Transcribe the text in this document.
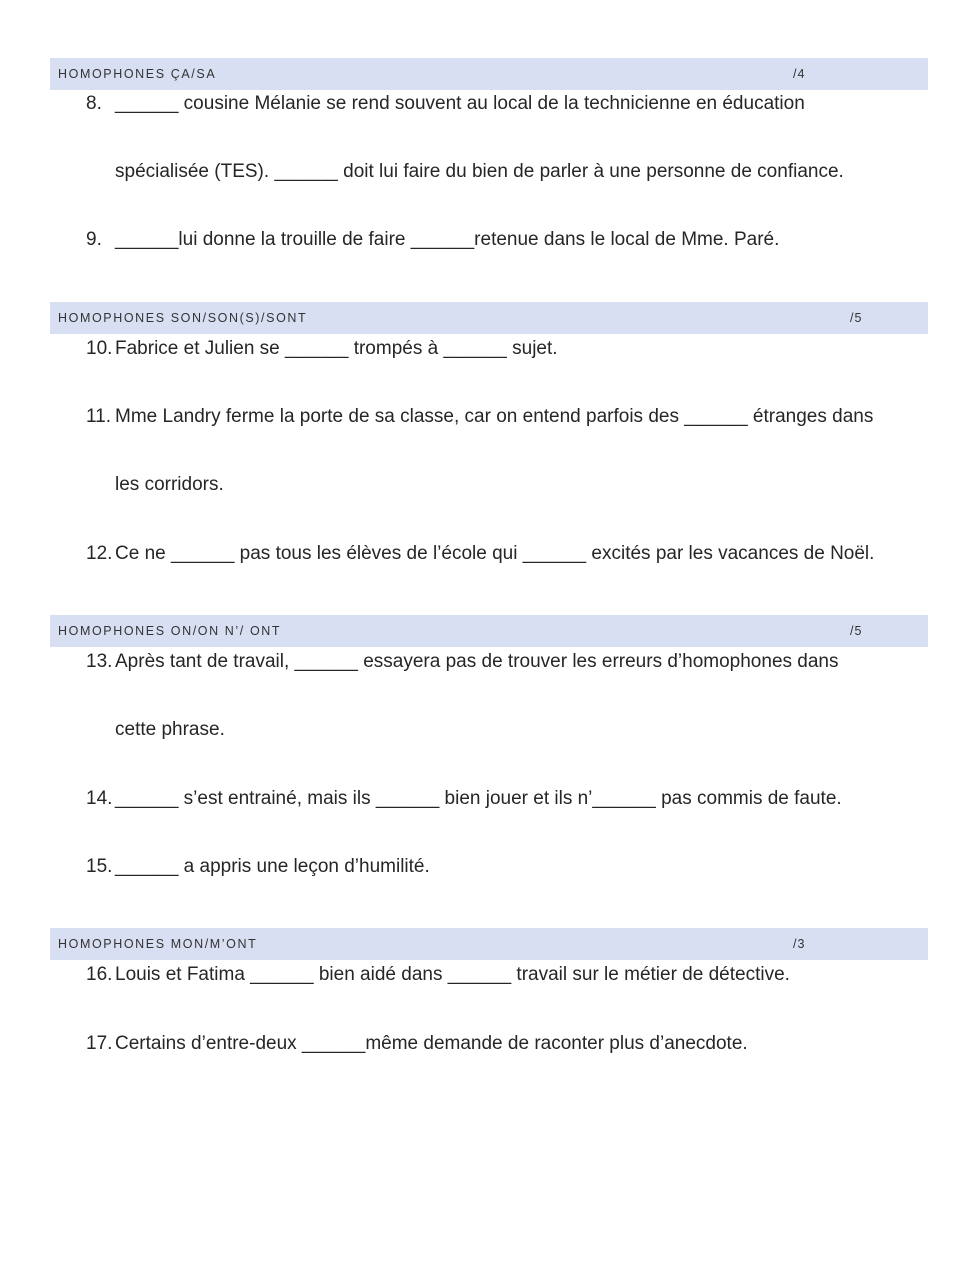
HOMOPHONES ÇA/SA	/4
8. ______ cousine Mélanie se rend souvent au local de la technicienne en éducation
spécialisée (TES). ______ doit lui faire du bien de parler à une personne de confiance.
9. ______lui donne la trouille de faire ______retenue dans le local de Mme. Paré.
HOMOPHONES SON/SON(S)/SONT	/5
10. Fabrice et Julien se ______ trompés à ______ sujet.
11. Mme Landry ferme la porte de sa classe, car on entend parfois des ______ étranges dans
les corridors.
12. Ce ne ______ pas tous les élèves de l’école qui ______ excités par les vacances de Noël.
HOMOPHONES ON/ON N’/ ONT	/5
13. Après tant de travail, ______ essayera pas de trouver les erreurs d’homophones dans
cette phrase.
14. ______ s’est entrainé, mais ils ______ bien jouer et ils n’______ pas commis de faute.
15. ______ a appris une leçon d’humilité.
HOMOPHONES MON/M’ONT	/3
16. Louis et Fatima ______ bien aidé dans ______ travail sur le métier de détective.
17. Certains d’entre-deux ______même demande de raconter plus d’anecdote.
